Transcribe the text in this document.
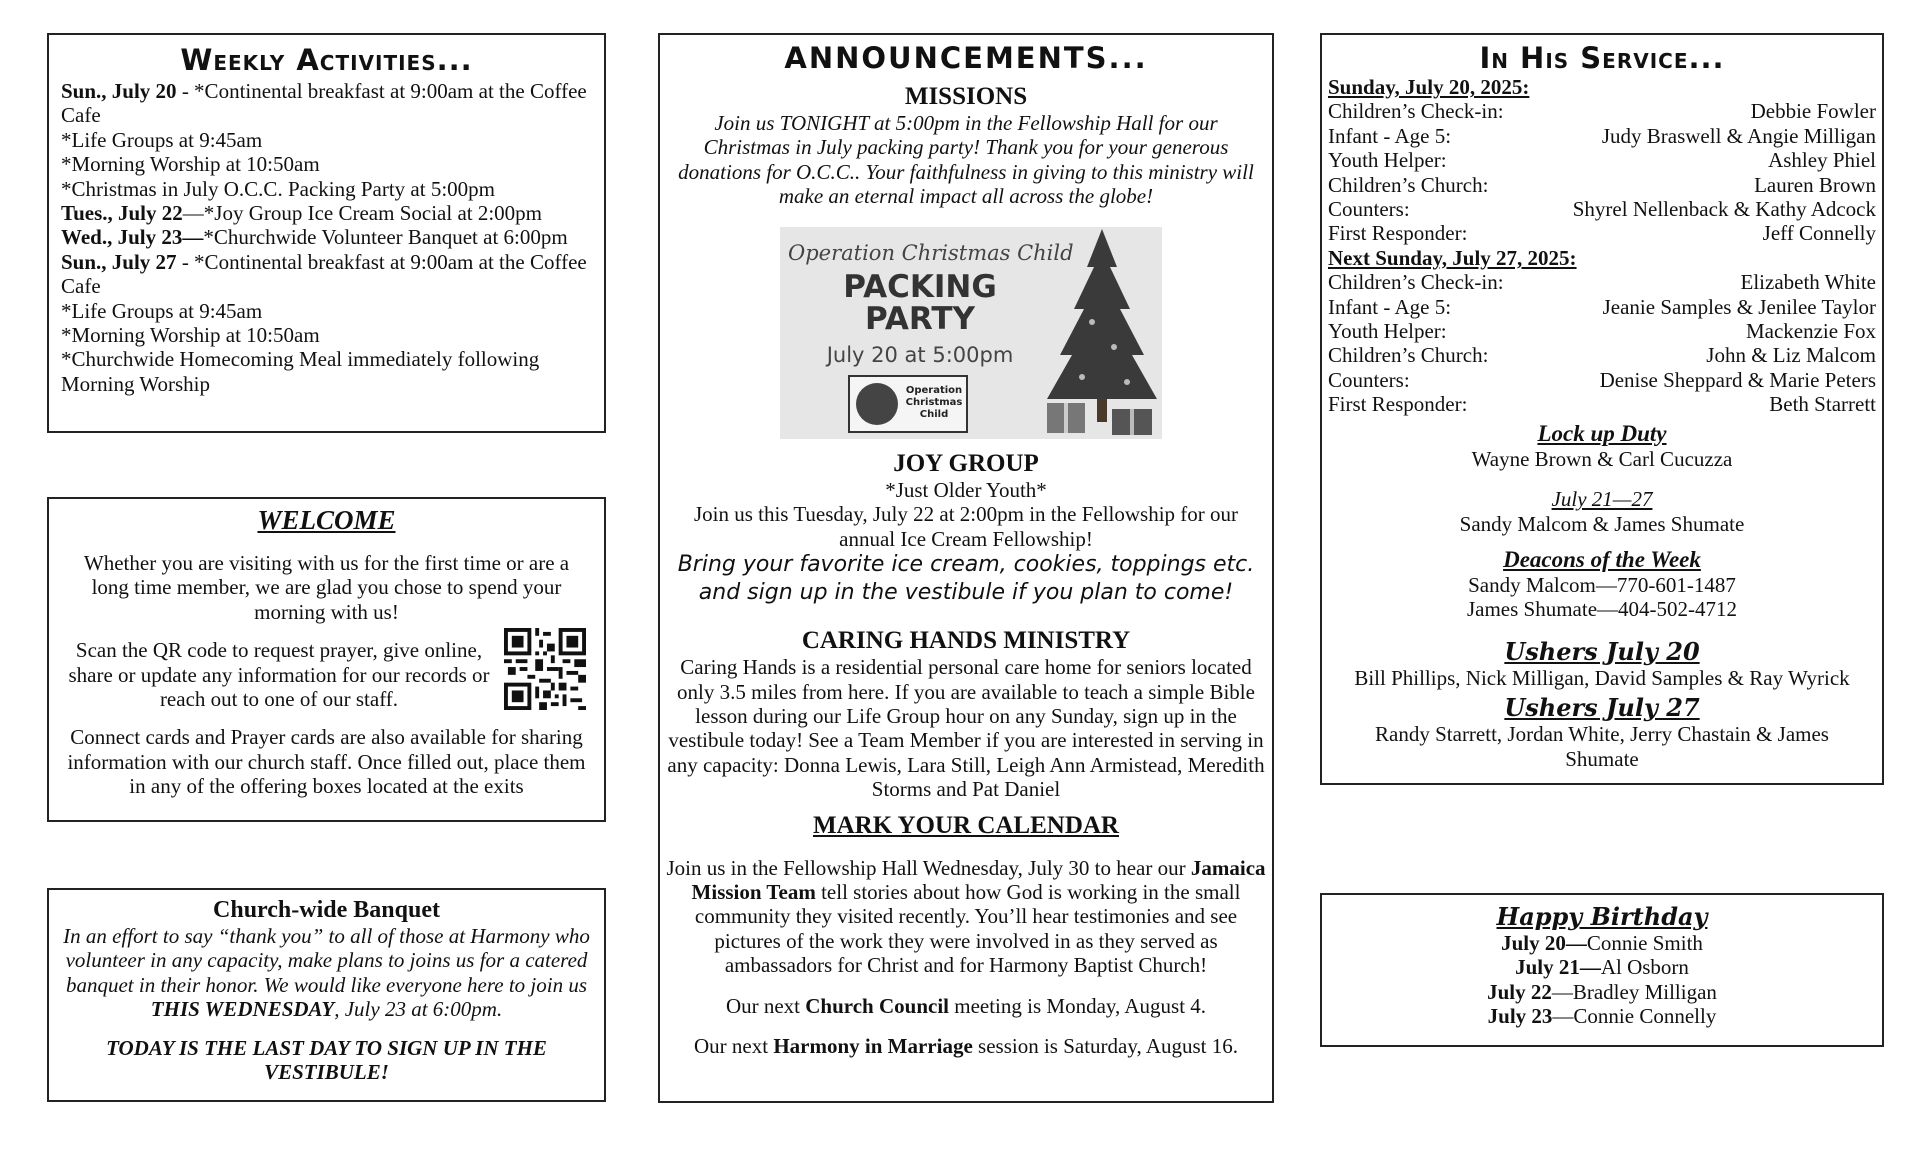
Weekly Activities...

Sun., July 20 - *Continental breakfast at 9:00am at the Coffee Cafe

*Life Groups at 9:45am

*Morning Worship at 10:50am

*Christmas in July O.C.C. Packing Party at 5:00pm

Tues., July 22—*Joy Group Ice Cream Social at 2:00pm

Wed., July 23—*Churchwide Volunteer Banquet at 6:00pm

Sun., July 27 - *Continental breakfast at 9:00am at the Coffee Cafe

*Life Groups at 9:45am

*Morning Worship at 10:50am

*Churchwide Homecoming Meal immediately following Morning Worship

WELCOME

Whether you are visiting with us for the first time or are a long time member, we are glad you chose to spend your morning with us!

Scan the QR code to request prayer, give online, share or update any information for our records or reach out to one of our staff.

Connect cards and Prayer cards are also available for sharing information with our church staff. Once filled out, place them in any of the offering boxes located at the exits

Church-wide Banquet

In an effort to say “thank you” to all of those at Harmony who volunteer in any capacity, make plans to joins us for a catered banquet in their honor. We would like everyone here to join us THIS WEDNESDAY, July 23 at 6:00pm.

TODAY IS THE LAST DAY TO SIGN UP IN THE VESTIBULE!

ANNOUNCEMENTS...
MISSIONS

Join us TONIGHT at 5:00pm in the Fellowship Hall for our Christmas in July packing party! Thank you for your generous donations for O.C.C.. Your faithfulness in giving to this ministry will make an eternal impact all across the globe!

Operation Christmas Child
PACKING
PARTY
July 20 at 5:00pm
Operation Christmas Child
JOY GROUP

*Just Older Youth*

Join us this Tuesday, July 22 at 2:00pm in the Fellowship for our annual Ice Cream Fellowship!

Bring your favorite ice cream, cookies, toppings etc. and sign up in the vestibule if you plan to come!

CARING HANDS MINISTRY

Caring Hands is a residential personal care home for seniors located only 3.5 miles from here. If you are available to teach a simple Bible lesson during our Life Group hour on any Sunday, sign up in the vestibule today! See a Team Member if you are interested in serving in any capacity: Donna Lewis, Lara Still, Leigh Ann Armistead, Meredith Storms and Pat Daniel

MARK YOUR CALENDAR

Join us in the Fellowship Hall Wednesday, July 30 to hear our Jamaica Mission Team tell stories about how God is working in the small community they visited recently. You’ll hear testimonies and see pictures of the work they were involved in as they served as ambassadors for Christ and for Harmony Baptist Church!

Our next Church Council meeting is Monday, August 4.

Our next Harmony in Marriage session is Saturday, August 16.

In His Service...
Sunday, July 20, 2025:
Children’s Check-in:	Debbie Fowler
Infant - Age 5:	Judy Braswell & Angie Milligan
Youth Helper:	Ashley Phiel
Children’s Church:	Lauren Brown
Counters:	Shyrel Nellenback & Kathy Adcock
First Responder:	Jeff Connelly
Next Sunday, July 27, 2025:
Children’s Check-in:	Elizabeth White
Infant - Age 5:	Jeanie Samples & Jenilee Taylor
Youth Helper:	Mackenzie Fox
Children’s Church:	John & Liz Malcom
Counters:	Denise Sheppard & Marie Peters
First Responder:	Beth Starrett
Lock up Duty

Wayne Brown & Carl Cucuzza

July 21—27

Sandy Malcom & James Shumate

Deacons of the Week

Sandy Malcom—770-601-1487

James Shumate—404-502-4712

Ushers July 20

Bill Phillips, Nick Milligan, David Samples & Ray Wyrick

Ushers July 27

Randy Starrett, Jordan White, Jerry Chastain & James Shumate

Happy Birthday

July 20—Connie Smith

July 21—Al Osborn

July 22—Bradley Milligan

July 23—Connie Connelly
